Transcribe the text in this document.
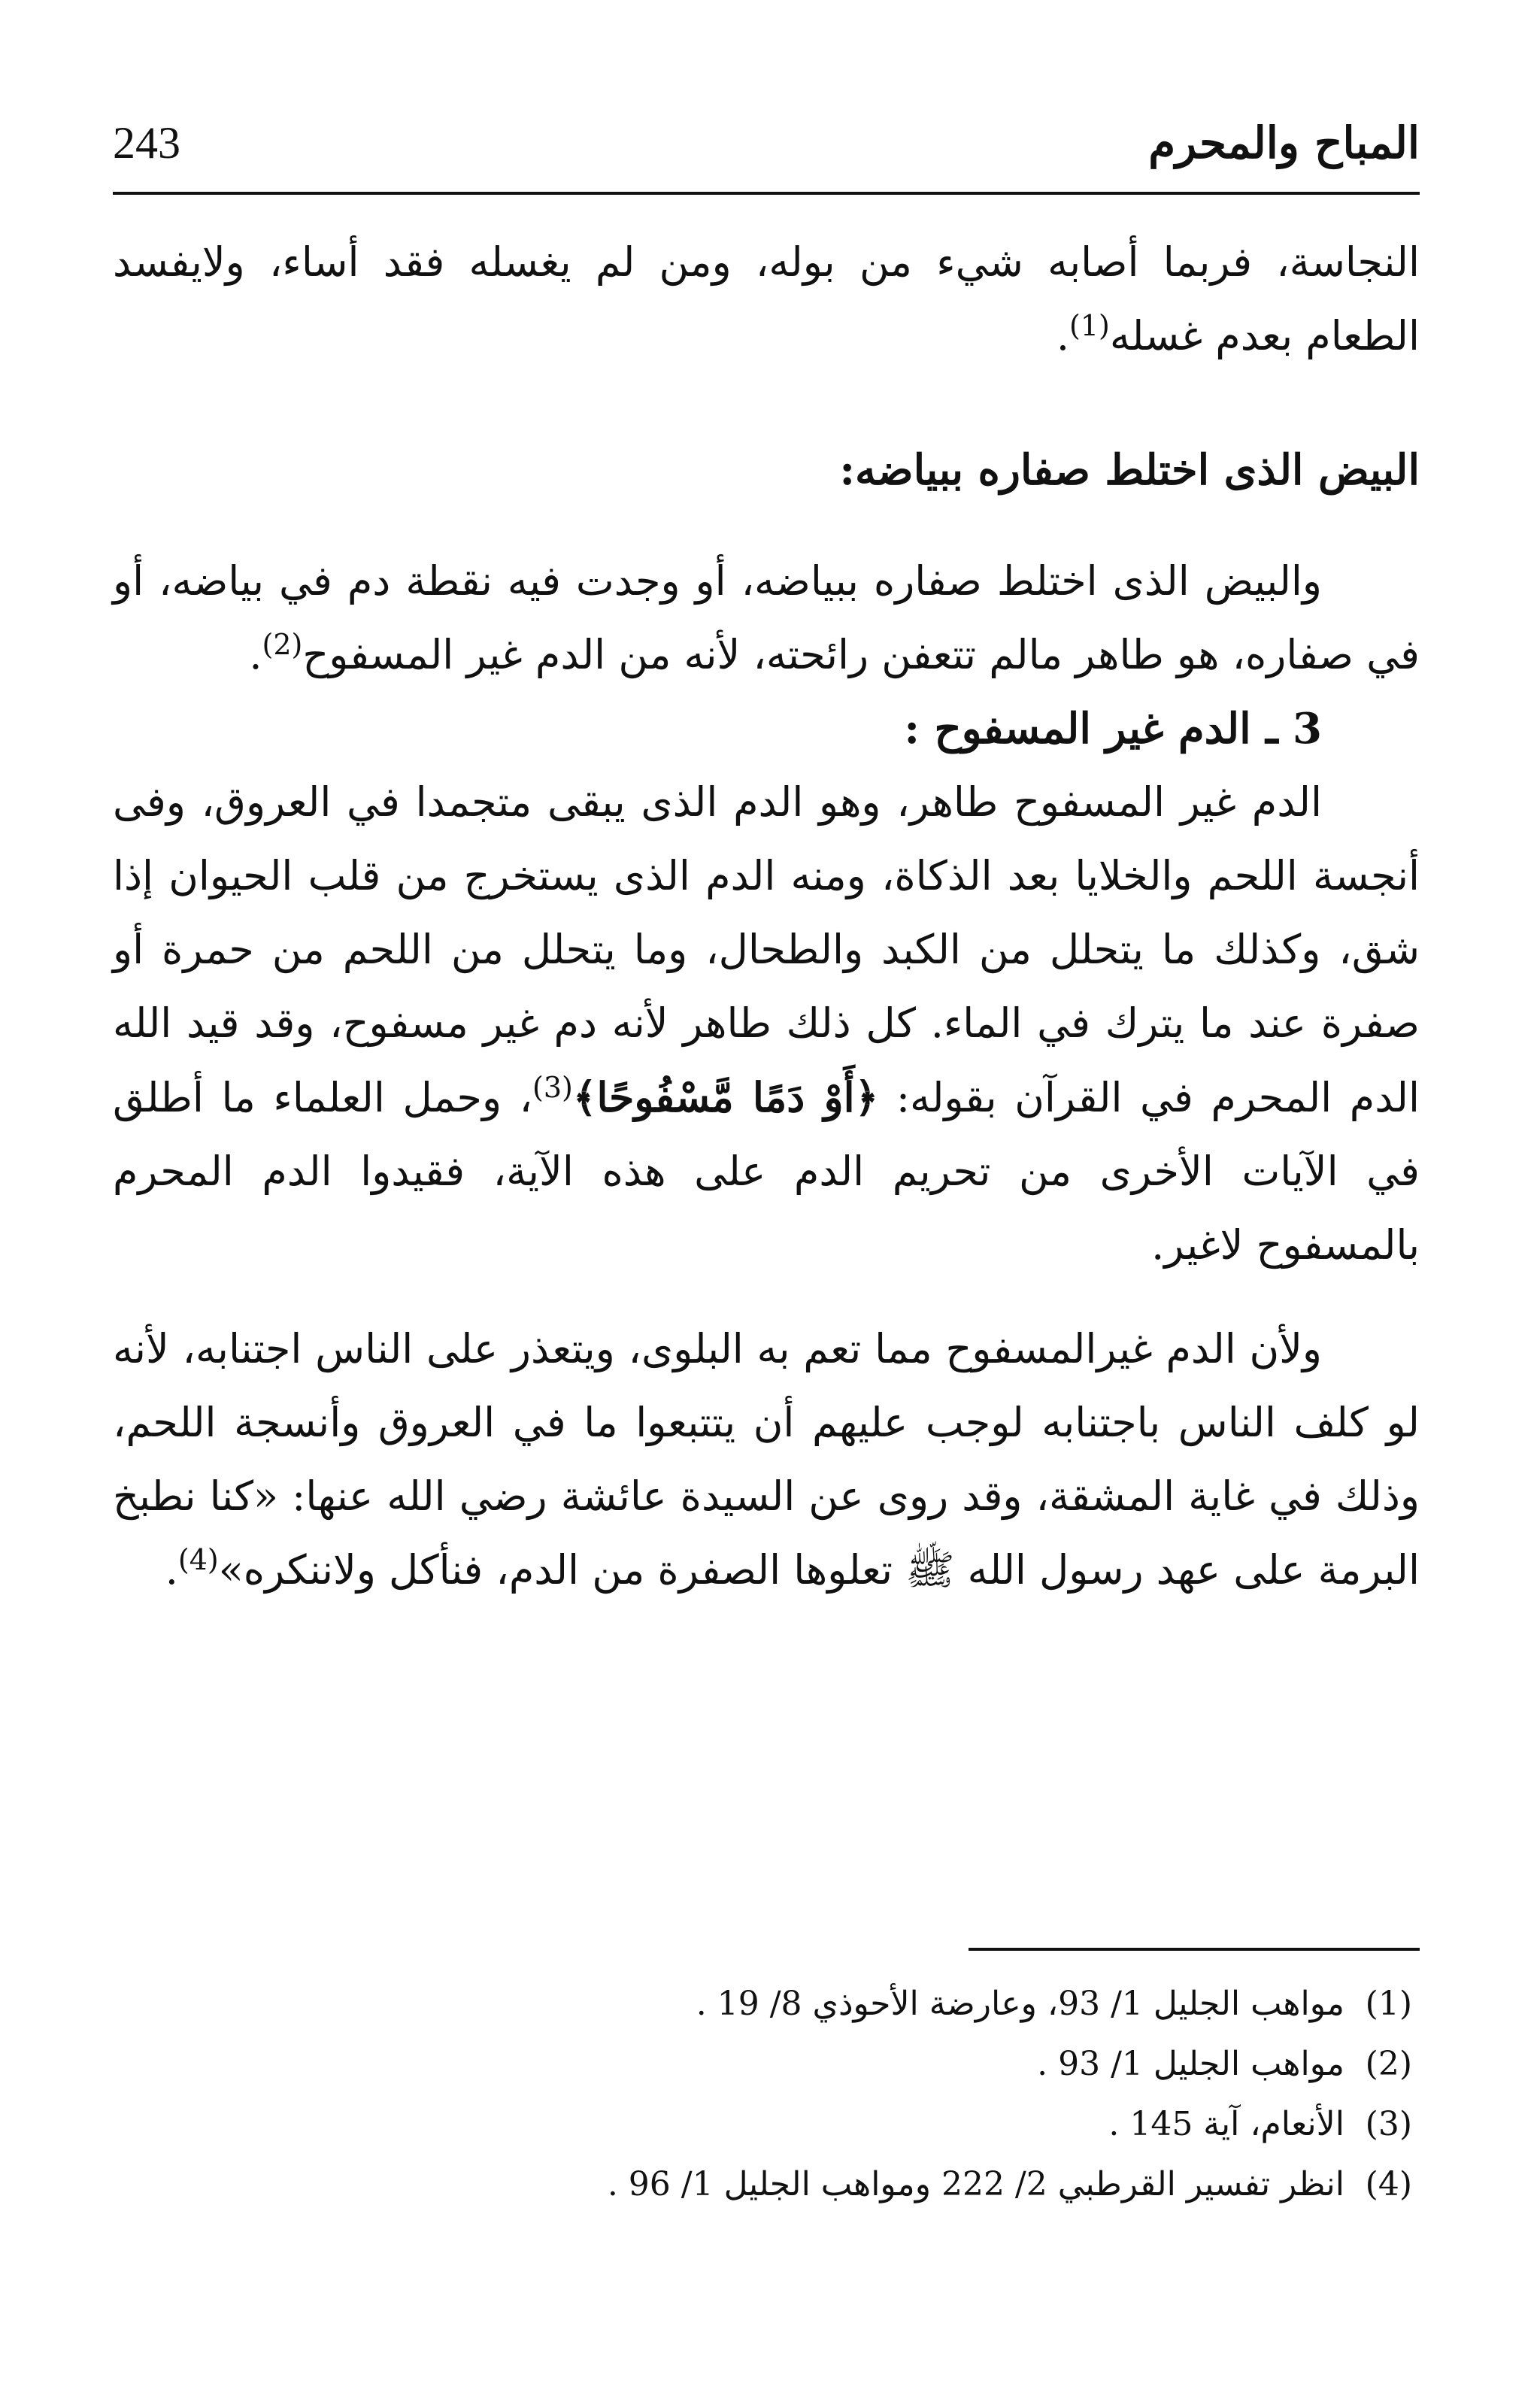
243	المباح والمحرم

النجاسة، فربما أصابه شيء من بوله، ومن لم يغسله فقد أساء، ولايفسد الطعام بعدم غسله$^{(1)}$.

البيض الذى اختلط صفاره ببياضه:

والبيض الذى اختلط صفاره ببياضه، أو وجدت فيه نقطة دم في بياضه، أو في صفاره، هو طاهر مالم تتعفن رائحته، لأنه من الدم غير المسفوح$^{(2)}$.

3 ـ الدم غير المسفوح :

الدم غير المسفوح طاهر، وهو الدم الذى يبقى متجمدا في العروق، وفى أنجسة اللحم والخلايا بعد الذكاة، ومنه الدم الذى يستخرج من قلب الحيوان إذا شق، وكذلك ما يتحلل من الكبد والطحال، وما يتحلل من اللحم من حمرة أو صفرة عند ما يترك في الماء. كل ذلك طاهر لأنه دم غير مسفوح، وقد قيد الله الدم المحرم في القرآن بقوله: ﴿أَوْ دَمًا مَّسْفُوحًا﴾$^{(3)}$، وحمل العلماء ما أطلق في الآيات الأخرى من تحريم الدم على هذه الآية، فقيدوا الدم المحرم بالمسفوح لاغير.

ولأن الدم غيرالمسفوح مما تعم به البلوى، ويتعذر على الناس اجتنابه، لأنه لو كلف الناس باجتنابه لوجب عليهم أن يتتبعوا ما في العروق وأنسجة اللحم، وذلك في غاية المشقة، وقد روى عن السيدة عائشة رضي الله عنها: «كنا نطبخ البرمة على عهد رسول الله ﷺ تعلوها الصفرة من الدم، فنأكل ولاننكره»$^{(4)}$.

(1)مواهب الجليل 1/ 93، وعارضة الأحوذي 8/ 19 .
(2)مواهب الجليل 1/ 93 .
(3)الأنعام، آية 145 .
(4)انظر تفسير القرطبي 2/ 222 ومواهب الجليل 1/ 96 .
